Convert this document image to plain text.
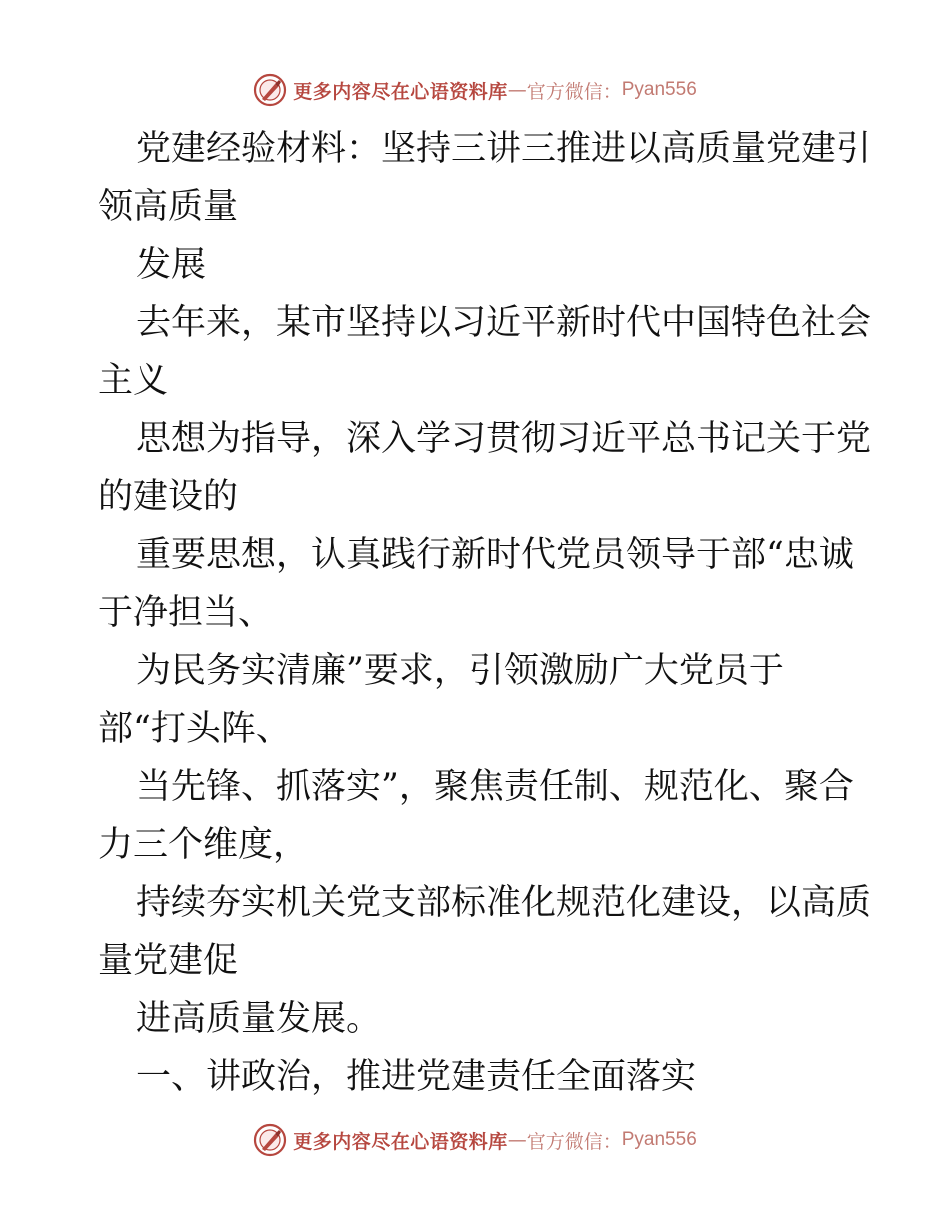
更多内容尽在心语资料库 — 官方微信： Pyan556
党建经验材料：坚持三讲三推进以高质量党建引
领高质量
发展
去年来，某市坚持以习近平新时代中国特色社会
主义
思想为指导，深入学习贯彻习近平总书记关于党
的建设的
重要思想，认真践行新时代党员领导于部“忠诚
于净担当、
为民务实清廉”要求，引领激励广大党员于
部“打头阵、
当先锋、抓落实”，聚焦责任制、规范化、聚合
力三个维度，
持续夯实机关党支部标准化规范化建设，以高质
量党建促
进高质量发展。
一、讲政治，推进党建责任全面落实
更多内容尽在心语资料库 — 官方微信： Pyan556
